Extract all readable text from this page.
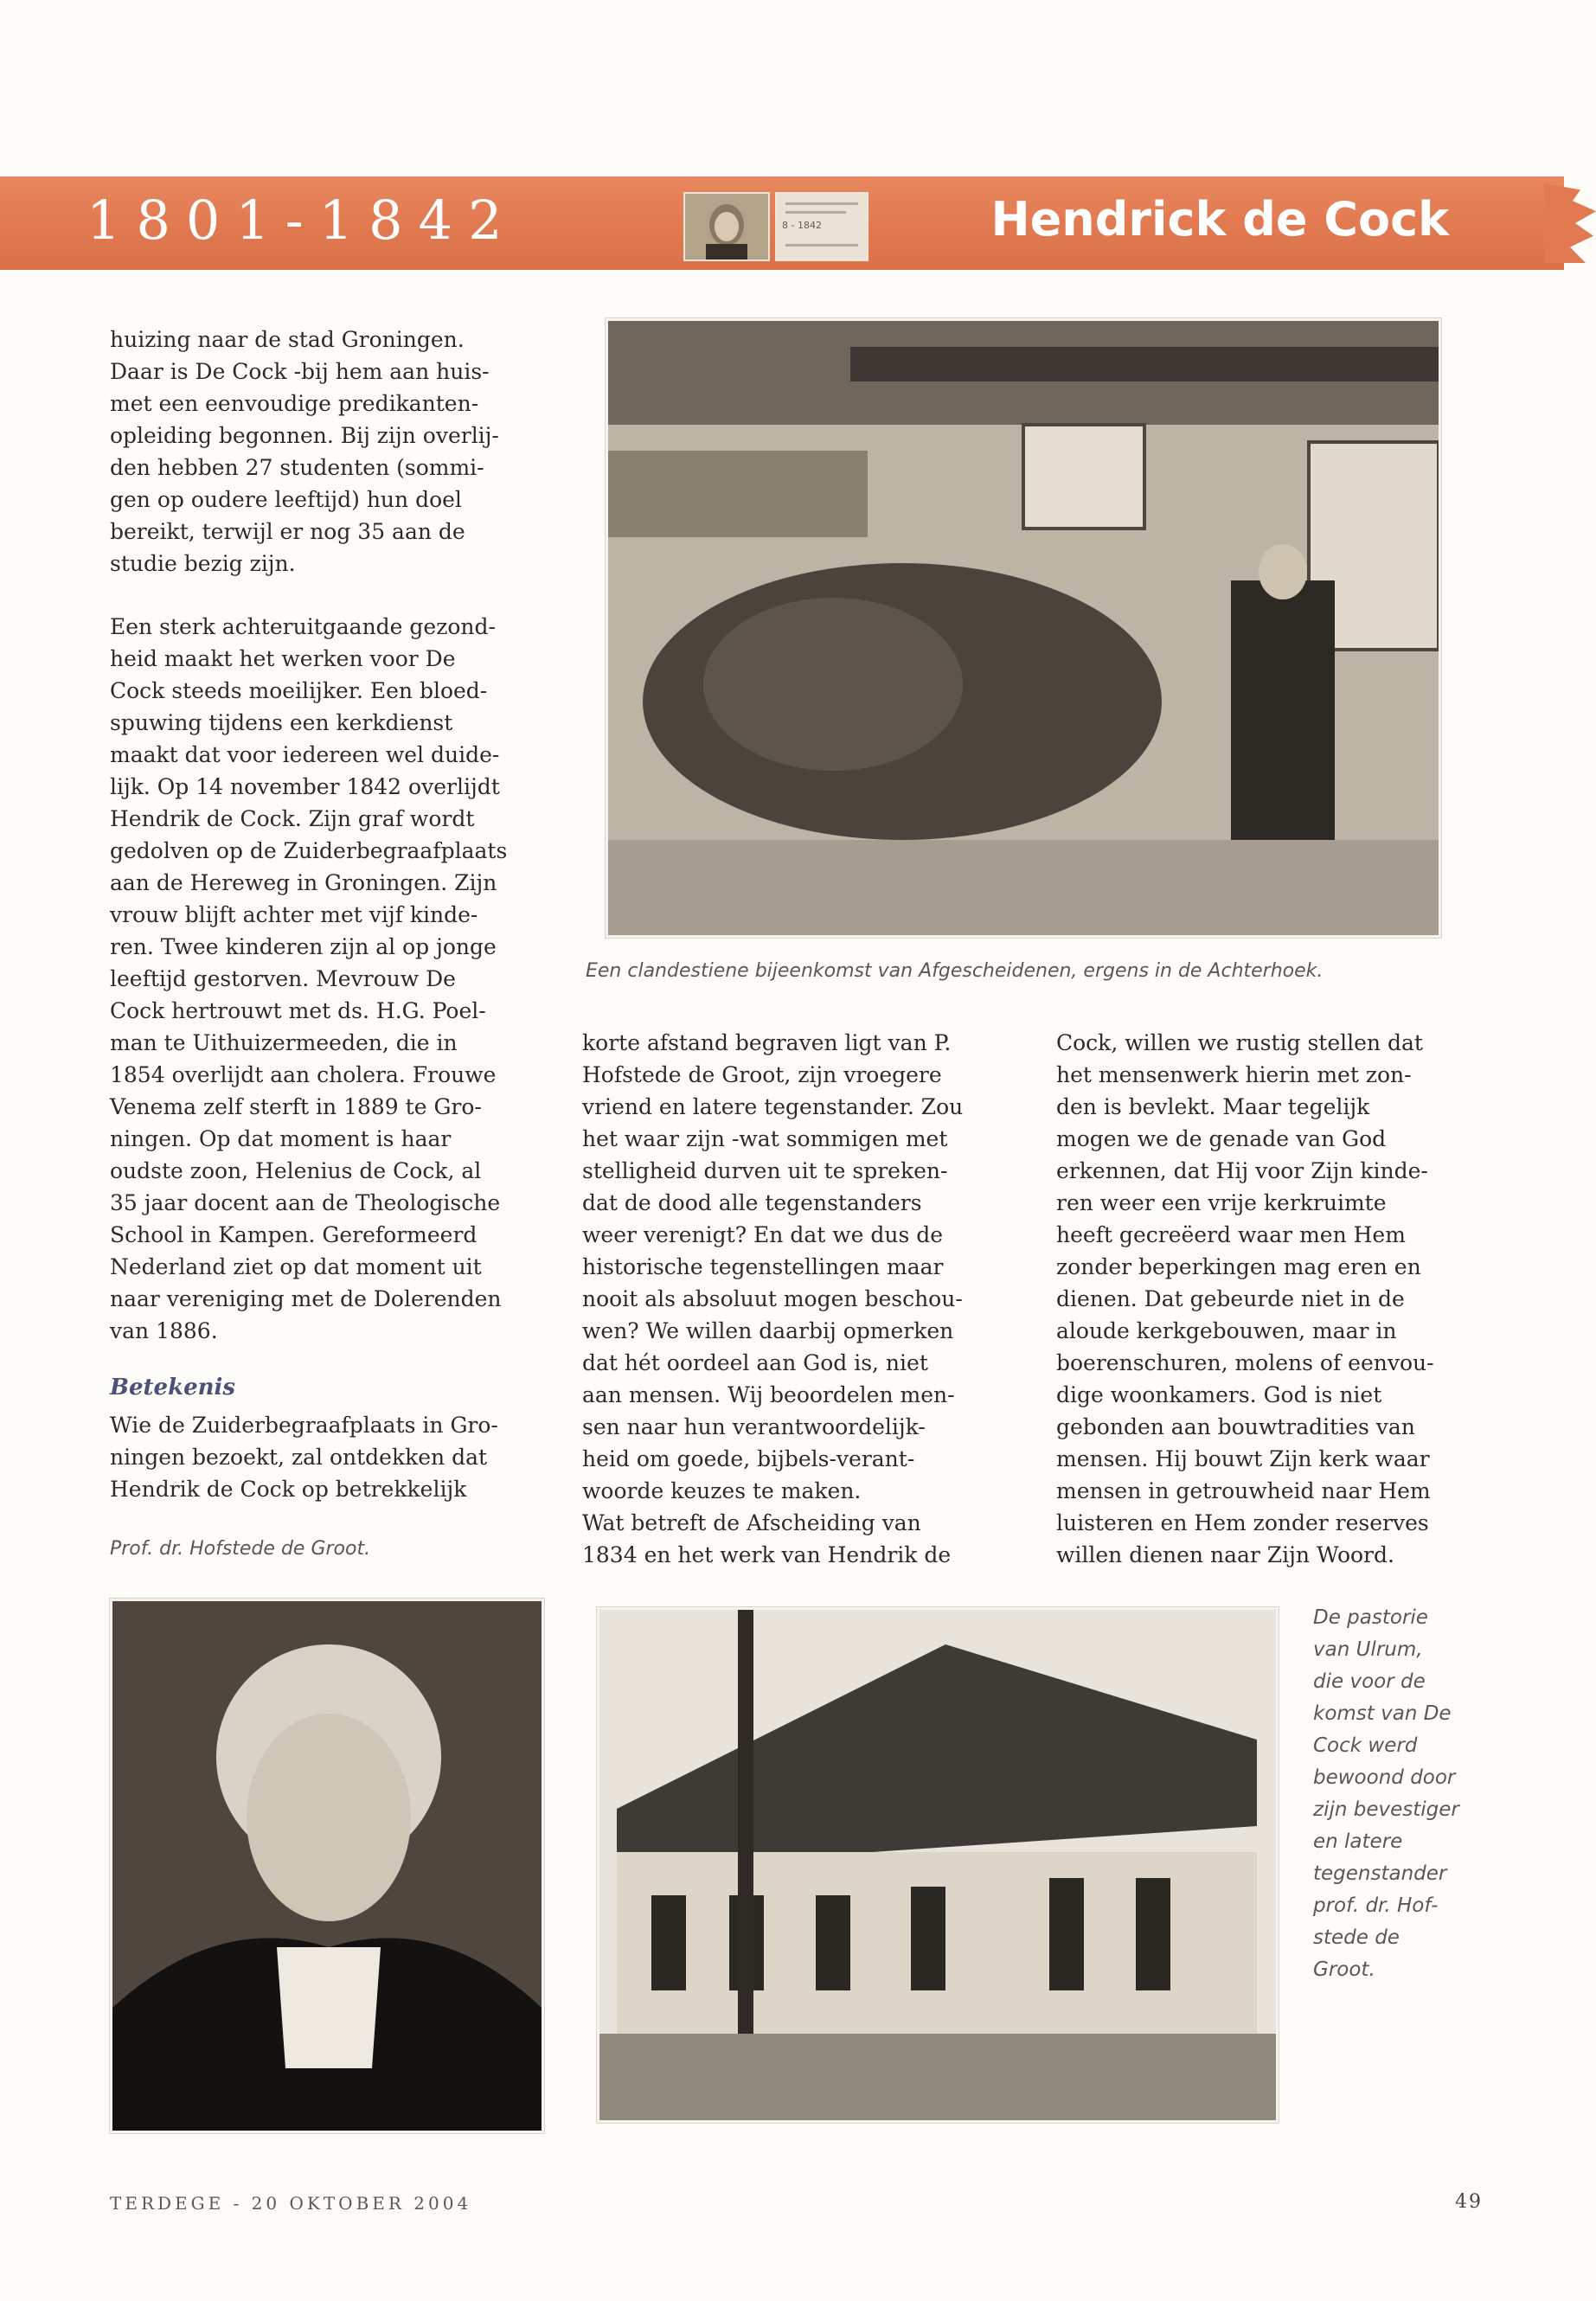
1801-1842	8 - 1842	Hendrick de Cock
huizing naar de stad Groningen.
Daar is De Cock -bij hem aan huis-
met een eenvoudige predikanten-
opleiding begonnen. Bij zijn overlij-
den hebben 27 studenten (sommi-
gen op oudere leeftijd) hun doel
bereikt, terwijl er nog 35 aan de
studie bezig zijn.
Een sterk achteruitgaande gezond-
heid maakt het werken voor De
Cock steeds moeilijker. Een bloed-
spuwing tijdens een kerkdienst
maakt dat voor iedereen wel duide-
lijk. Op 14 november 1842 overlijdt
Hendrik de Cock. Zijn graf wordt
gedolven op de Zuiderbegraafplaats
aan de Hereweg in Groningen. Zijn
vrouw blijft achter met vijf kinde-
ren. Twee kinderen zijn al op jonge
leeftijd gestorven. Mevrouw De
Cock hertrouwt met ds. H.G. Poel-
man te Uithuizermeeden, die in
1854 overlijdt aan cholera. Frouwe
Venema zelf sterft in 1889 te Gro-
ningen. Op dat moment is haar
oudste zoon, Helenius de Cock, al
35 jaar docent aan de Theologische
School in Kampen. Gereformeerd
Nederland ziet op dat moment uit
naar vereniging met de Dolerenden
van 1886.
Betekenis
Wie de Zuiderbegraafplaats in Gro-
ningen bezoekt, zal ontdekken dat
Hendrik de Cock op betrekkelijk
Prof. dr. Hofstede de Groot.
Een clandestiene bijeenkomst van Afgescheidenen, ergens in de Achterhoek.
korte afstand begraven ligt van P.
Hofstede de Groot, zijn vroegere
vriend en latere tegenstander. Zou
het waar zijn -wat sommigen met
stelligheid durven uit te spreken-
dat de dood alle tegenstanders
weer verenigt? En dat we dus de
historische tegenstellingen maar
nooit als absoluut mogen beschou-
wen? We willen daarbij opmerken
dat hét oordeel aan God is, niet
aan mensen. Wij beoordelen men-
sen naar hun verantwoordelijk-
heid om goede, bijbels-verant-
woorde keuzes te maken.
Wat betreft de Afscheiding van
1834 en het werk van Hendrik de
Cock, willen we rustig stellen dat
het mensenwerk hierin met zon-
den is bevlekt. Maar tegelijk
mogen we de genade van God
erkennen, dat Hij voor Zijn kinde-
ren weer een vrije kerkruimte
heeft gecreëerd waar men Hem
zonder beperkingen mag eren en
dienen. Dat gebeurde niet in de
aloude kerkgebouwen, maar in
boerenschuren, molens of eenvou-
dige woonkamers. God is niet
gebonden aan bouwtradities van
mensen. Hij bouwt Zijn kerk waar
mensen in getrouwheid naar Hem
luisteren en Hem zonder reserves
willen dienen naar Zijn Woord.
De pastorie
van Ulrum,
die voor de
komst van De
Cock werd
bewoond door
zijn bevestiger
en latere
tegenstander
prof. dr. Hof-
stede de
Groot.
TERDEGE - 20 OKTOBER 2004	49
